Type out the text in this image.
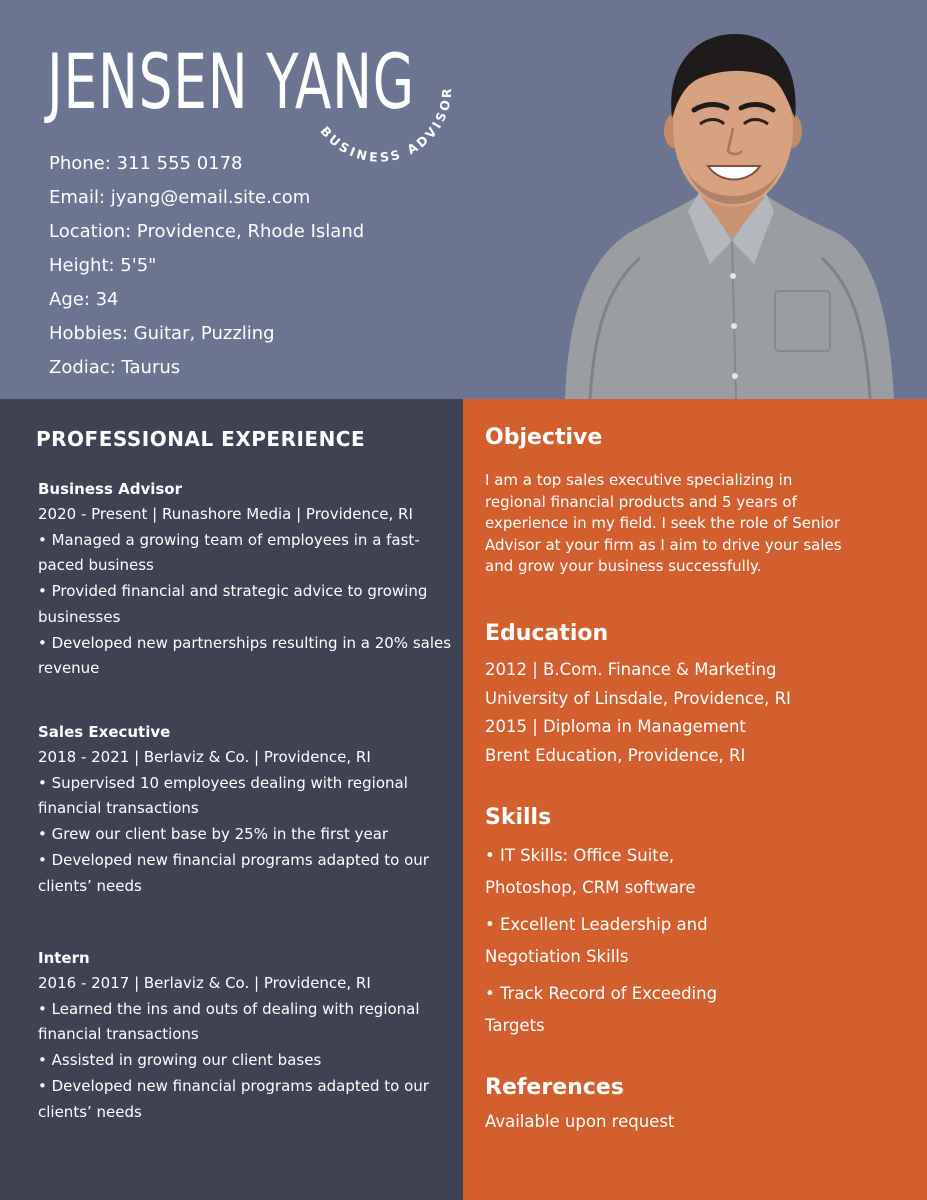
JENSEN YANG
BUSINESS ADVISOR
Phone: 311 555 0178
Email: jyang@email.site.com
Location: Providence, Rhode Island
Height: 5'5"
Age: 34
Hobbies: Guitar, Puzzling
Zodiac: Taurus
PROFESSIONAL EXPERIENCE
Business Advisor
2020 - Present | Runashore Media | Providence, RI
• Managed a growing team of employees in a fast-paced business
• Provided financial and strategic advice to growing businesses
• Developed new partnerships resulting in a 20% sales revenue
Sales Executive
2018 - 2021 | Berlaviz & Co. | Providence, RI
• Supervised 10 employees dealing with regional financial transactions
• Grew our client base by 25% in the first year
• Developed new financial programs adapted to our clients’ needs
Intern
2016 - 2017 | Berlaviz & Co. | Providence, RI
• Learned the ins and outs of dealing with regional financial transactions
• Assisted in growing our client bases
• Developed new financial programs adapted to our clients’ needs
Objective

I am a top sales executive specializing in regional financial products and 5 years of experience in my field. I seek the role of Senior Advisor at your firm as I aim to drive your sales and grow your business successfully.

Education
2012 | B.Com. Finance & Marketing
University of Linsdale, Providence, RI
2015 | Diploma in Management
Brent Education, Providence, RI
Skills
• IT Skills: Office Suite, Photoshop, CRM software
• Excellent Leadership and Negotiation Skills
• Track Record of Exceeding Targets
References
Available upon request
